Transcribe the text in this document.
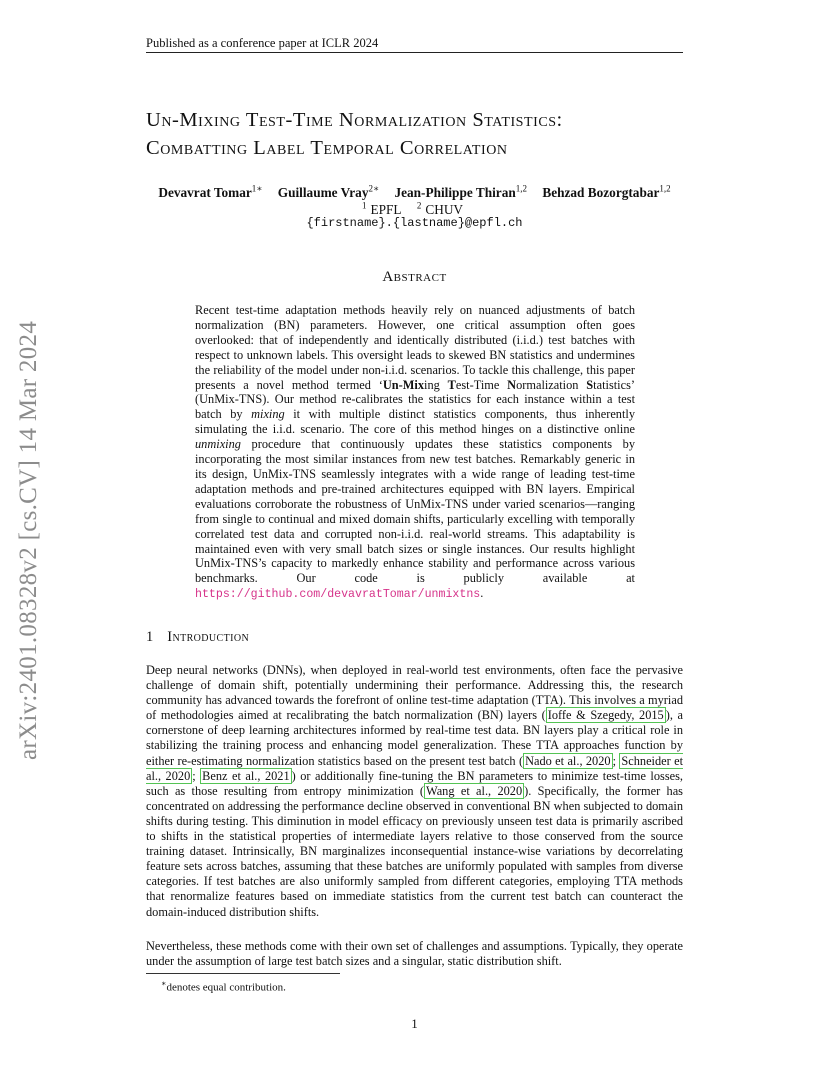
Published as a conference paper at ICLR 2024
arXiv:2401.08328v2 [cs.CV] 14 Mar 2024
Un-Mixing Test-Time Normalization Statistics:
Combatting Label Temporal Correlation
Devavrat Tomar$^{1∗}$ Guillaume Vray$^{2∗}$ Jean-Philippe Thiran$^{1,2}$ Behzad Bozorgtabar$^{1,2}$
$^1$ EPFL $^2$ CHUV
{firstname}.{lastname}@epfl.ch
Abstract
Recent test-time adaptation methods heavily rely on nuanced adjustments of batch normalization (BN) parameters. However, one critical assumption often goes overlooked: that of independently and identically distributed (i.i.d.) test batches with respect to unknown labels. This oversight leads to skewed BN statistics and undermines the reliability of the model under non-i.i.d. scenarios. To tackle this challenge, this paper presents a novel method termed ‘Un-Mixing Test-Time Normalization Statistics’ (UnMix-TNS). Our method re-calibrates the statistics for each instance within a test batch by mixing it with multiple distinct statistics components, thus inherently simulating the i.i.d. scenario. The core of this method hinges on a distinctive online unmixing procedure that continuously updates these statistics components by incorporating the most similar instances from new test batches. Remarkably generic in its design, UnMix-TNS seamlessly integrates with a wide range of leading test-time adaptation methods and pre-trained architectures equipped with BN layers. Empirical evaluations corroborate the robustness of UnMix-TNS under varied scenarios—ranging from single to continual and mixed domain shifts, particularly excelling with temporally correlated test data and corrupted non-i.i.d. real-world streams. This adaptability is maintained even with very small batch sizes or single instances. Our results highlight UnMix-TNS’s capacity to markedly enhance stability and performance across various benchmarks. Our code is publicly available at https://github.com/devavratTomar/unmixtns.
1 Introduction
Deep neural networks (DNNs), when deployed in real-world test environments, often face the pervasive challenge of domain shift, potentially undermining their performance. Addressing this, the research community has advanced towards the forefront of online test-time adaptation (TTA). This involves a myriad of methodologies aimed at recalibrating the batch normalization (BN) layers ( Ioffe & Szegedy, 2015 ), a cornerstone of deep learning architectures informed by real-time test data. BN layers play a critical role in stabilizing the training process and enhancing model generalization. These TTA approaches function by either re-estimating normalization statistics based on the present test batch ( Nado et al., 2020 ; Schneider et al., 2020 ; Benz et al., 2021 ) or additionally fine-tuning the BN parameters to minimize test-time losses, such as those resulting from entropy minimization ( Wang et al., 2020 ). Specifically, the former has concentrated on addressing the performance decline observed in conventional BN when subjected to domain shifts during testing. This diminution in model efficacy on previously unseen test data is primarily ascribed to shifts in the statistical properties of intermediate layers relative to those conserved from the source training dataset. Intrinsically, BN marginalizes inconsequential instance-wise variations by decorrelating feature sets across batches, assuming that these batches are uniformly populated with samples from diverse categories. If test batches are also uniformly sampled from different categories, employing TTA methods that renormalize features based on immediate statistics from the current test batch can counteract the domain-induced distribution shifts.
Nevertheless, these methods come with their own set of challenges and assumptions. Typically, they operate under the assumption of large test batch sizes and a singular, static distribution shift.
∗denotes equal contribution.
1
